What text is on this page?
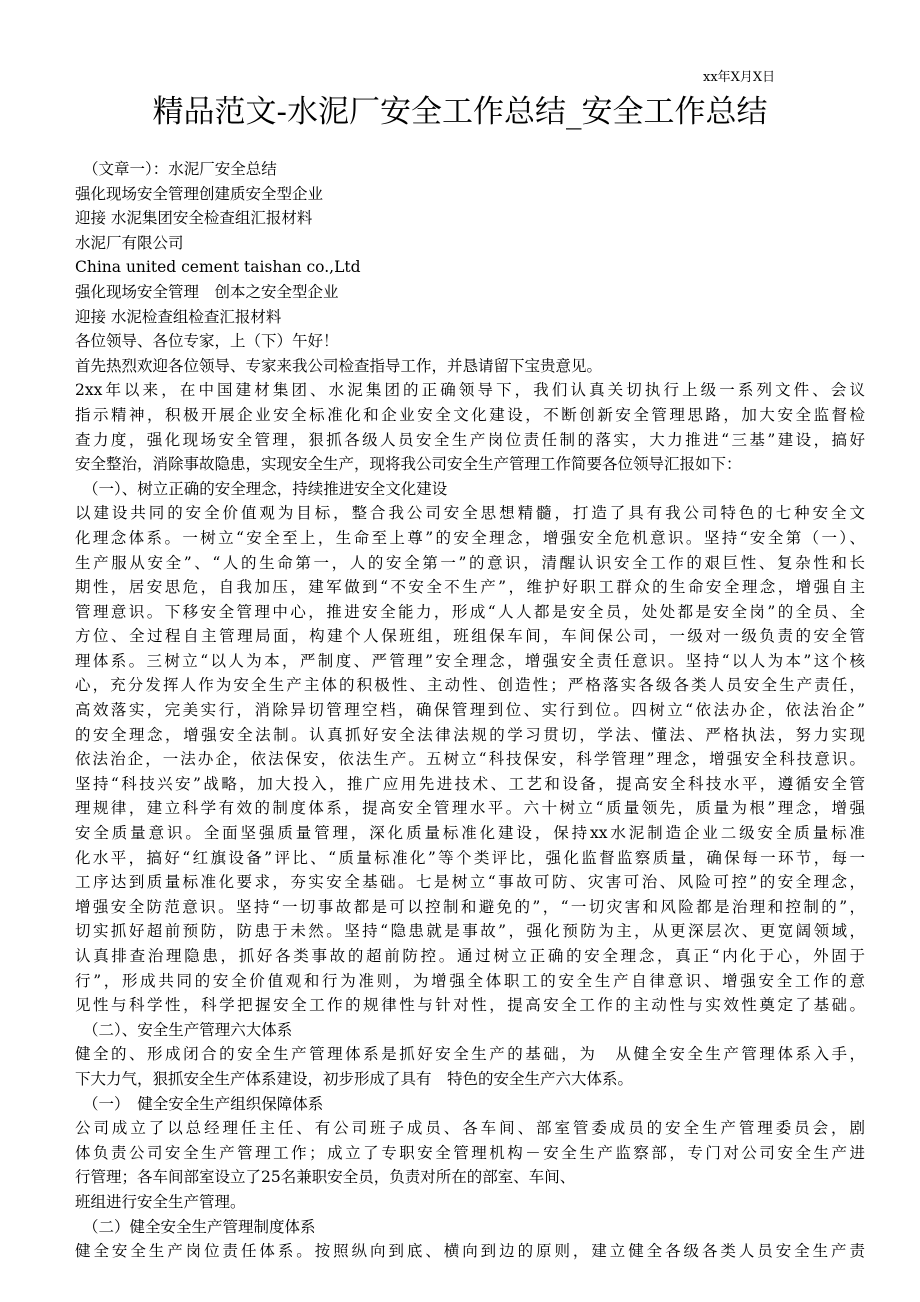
xx年X月X日
精品范文-水泥厂安全工作总结_安全工作总结
（文章一）：水泥厂安全总结
强化现场安全管理创建质安全型企业
迎接 水泥集团安全检查组汇报材料
水泥厂有限公司
China united cement taishan co.,Ltd
强化现场安全管理　创本之安全型企业
迎接 水泥检查组检查汇报材料
各位领导、各位专家，上（下）午好！
首先热烈欢迎各位领导、专家来我公司检查指导工作，并恳请留下宝贵意见。
2xx年以来，在中国建材集团、水泥集团的正确领导下，我们认真关切执行上级一系列文件、会议
指示精神，积极开展企业安全标准化和企业安全文化建设，不断创新安全管理思路，加大安全监督检
查力度，强化现场安全管理，狠抓各级人员安全生产岗位责任制的落实，大力推进“三基”建设，搞好
安全整治，消除事故隐患，实现安全生产，现将我公司安全生产管理工作简要各位领导汇报如下：
（一）、树立正确的安全理念，持续推进安全文化建设
以建设共同的安全价值观为目标，整合我公司安全思想精髓，打造了具有我公司特色的七种安全文
化理念体系。一树立“安全至上，生命至上尊”的安全理念，增强安全危机意识。坚持“安全第（一）、
生产服从安全”、“人的生命第一，人的安全第一”的意识，清醒认识安全工作的艰巨性、复杂性和长
期性，居安思危，自我加压，建军做到“不安全不生产”，维护好职工群众的生命安全理念，增强自主
管理意识。下移安全管理中心，推进安全能力，形成“人人都是安全员，处处都是安全岗”的全员、全
方位、全过程自主管理局面，构建个人保班组，班组保车间，车间保公司，一级对一级负责的安全管
理体系。三树立“以人为本，严制度、严管理”安全理念，增强安全责任意识。坚持“以人为本”这个核
心，充分发挥人作为安全生产主体的积极性、主动性、创造性；严格落实各级各类人员安全生产责任，
高效落实，完美实行，消除异切管理空档，确保管理到位、实行到位。四树立“依法办企，依法治企”
的安全理念，增强安全法制。认真抓好安全法律法规的学习贯切，学法、懂法、严格执法，努力实现
依法治企，一法办企，依法保安，依法生产。五树立“科技保安，科学管理”理念，增强安全科技意识。
坚持“科技兴安”战略，加大投入，推广应用先进技术、工艺和设备，提高安全科技水平，遵循安全管
理规律，建立科学有效的制度体系，提高安全管理水平。六十树立“质量领先，质量为根”理念，增强
安全质量意识。全面坚强质量管理，深化质量标准化建设，保持xx水泥制造企业二级安全质量标准
化水平，搞好“红旗设备”评比、“质量标准化”等个类评比，强化监督监察质量，确保每一环节，每一
工序达到质量标准化要求，夯实安全基础。七是树立“事故可防、灾害可治、风险可控”的安全理念，
增强安全防范意识。坚持“一切事故都是可以控制和避免的”，“一切灾害和风险都是治理和控制的”，
切实抓好超前预防，防患于未然。坚持“隐患就是事故”，强化预防为主，从更深层次、更宽阔领域，
认真排查治理隐患，抓好各类事故的超前防控。通过树立正确的安全理念，真正“内化于心，外固于
行”，形成共同的安全价值观和行为准则，为增强全体职工的安全生产自律意识、增强安全工作的意
见性与科学性，科学把握安全工作的规律性与针对性，提高安全工作的主动性与实效性奠定了基础。
（二）、安全生产管理六大体系
健全的、形成闭合的安全生产管理体系是抓好安全生产的基础，为　从健全安全生产管理体系入手，
下大力气，狠抓安全生产体系建设，初步形成了具有　特色的安全生产六大体系。
（一）　健全安全生产组织保障体系
公司成立了以总经理任主任、有公司班子成员、各车间、部室管委成员的安全生产管理委员会，剧
体负责公司安全生产管理工作；成立了专职安全管理机构－安全生产监察部，专门对公司安全生产进
行管理；各车间部室设立了25名兼职安全员，负责对所在的部室、车间、
班组进行安全生产管理。
（二）健全安全生产管理制度体系
健全安全生产岗位责任体系。按照纵向到底、横向到边的原则，建立健全各级各类人员安全生产责
